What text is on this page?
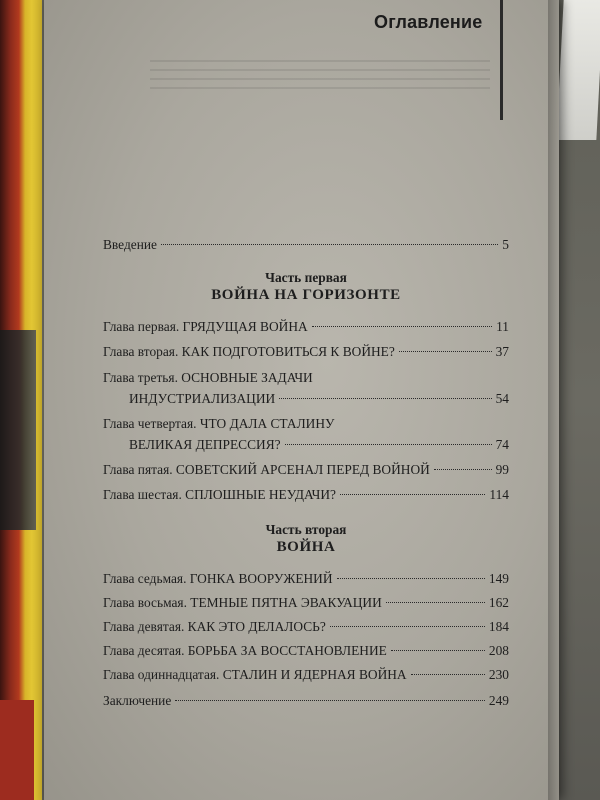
Оглавление
Введение	5
Часть первая
ВОЙНА НА ГОРИЗОНТЕ
Глава первая. ГРЯДУЩАЯ ВОЙНА	11
Глава вторая. КАК ПОДГОТОВИТЬСЯ К ВОЙНЕ?	37
Глава третья. ОСНОВНЫЕ ЗАДАЧИ
ИНДУСТРИАЛИЗАЦИИ	54
Глава четвертая. ЧТО ДАЛА СТАЛИНУ
ВЕЛИКАЯ ДЕПРЕССИЯ?	74
Глава пятая. СОВЕТСКИЙ АРСЕНАЛ ПЕРЕД ВОЙНОЙ	99
Глава шестая. СПЛОШНЫЕ НЕУДАЧИ?	114
Часть вторая
ВОЙНА
Глава седьмая. ГОНКА ВООРУЖЕНИЙ	149
Глава восьмая. ТЕМНЫЕ ПЯТНА ЭВАКУАЦИИ	162
Глава девятая. КАК ЭТО ДЕЛАЛОСЬ?	184
Глава десятая. БОРЬБА ЗА ВОССТАНОВЛЕНИЕ	208
Глава одиннадцатая. СТАЛИН И ЯДЕРНАЯ ВОЙНА	230
Заключение	249
